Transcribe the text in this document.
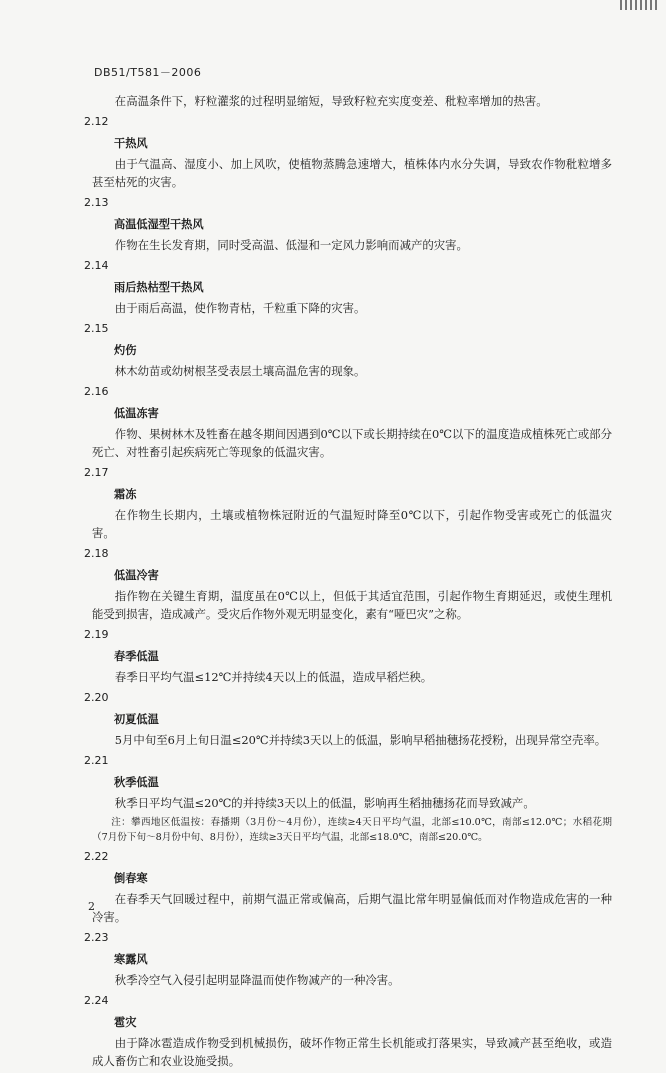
DB51/T581－2006

在高温条件下，籽粒灌浆的过程明显缩短，导致籽粒充实度变差、秕粒率增加的热害。

2.12
干热风
由于气温高、湿度小、加上风吹，使植物蒸腾急速增大，植株体内水分失调，导致农作物秕粒增多甚至枯死的灾害。
2.13
高温低湿型干热风
作物在生长发育期，同时受高温、低湿和一定风力影响而减产的灾害。
2.14
雨后热枯型干热风
由于雨后高温，使作物青枯，千粒重下降的灾害。
2.15
灼伤
林木幼苗或幼树根茎受表层土壤高温危害的现象。
2.16
低温冻害
作物、果树林木及牲畜在越冬期间因遇到0℃以下或长期持续在0℃以下的温度造成植株死亡或部分死亡、对牲畜引起疾病死亡等现象的低温灾害。
2.17
霜冻
在作物生长期内，土壤或植物株冠附近的气温短时降至0℃以下，引起作物受害或死亡的低温灾害。
2.18
低温冷害
指作物在关键生育期，温度虽在0℃以上，但低于其适宜范围，引起作物生育期延迟，或使生理机能受到损害，造成减产。受灾后作物外观无明显变化，素有“哑巴灾”之称。
2.19
春季低温
春季日平均气温≤12℃并持续4天以上的低温，造成早稻烂秧。
2.20
初夏低温
5月中旬至6月上旬日温≤20℃并持续3天以上的低温，影响早稻抽穗扬花授粉，出现异常空壳率。
2.21
秋季低温
秋季日平均气温≤20℃的并持续3天以上的低温，影响再生稻抽穗扬花而导致减产。
注：攀西地区低温按：春播期（3月份～4月份），连续≥4天日平均气温，北部≤10.0℃，南部≤12.0℃；水稻花期（7月份下旬～8月份中旬、8月份），连续≥3天日平均气温，北部≤18.0℃，南部≤20.0℃。
2.22
倒春寒
在春季天气回暖过程中，前期气温正常或偏高，后期气温比常年明显偏低而对作物造成危害的一种冷害。
2.23
寒露风
秋季冷空气入侵引起明显降温而使作物减产的一种冷害。
2.24
雹灾
由于降冰雹造成作物受到机械损伤，破坏作物正常生长机能或打落果实，导致减产甚至绝收，或造成人畜伤亡和农业设施受损。
2
